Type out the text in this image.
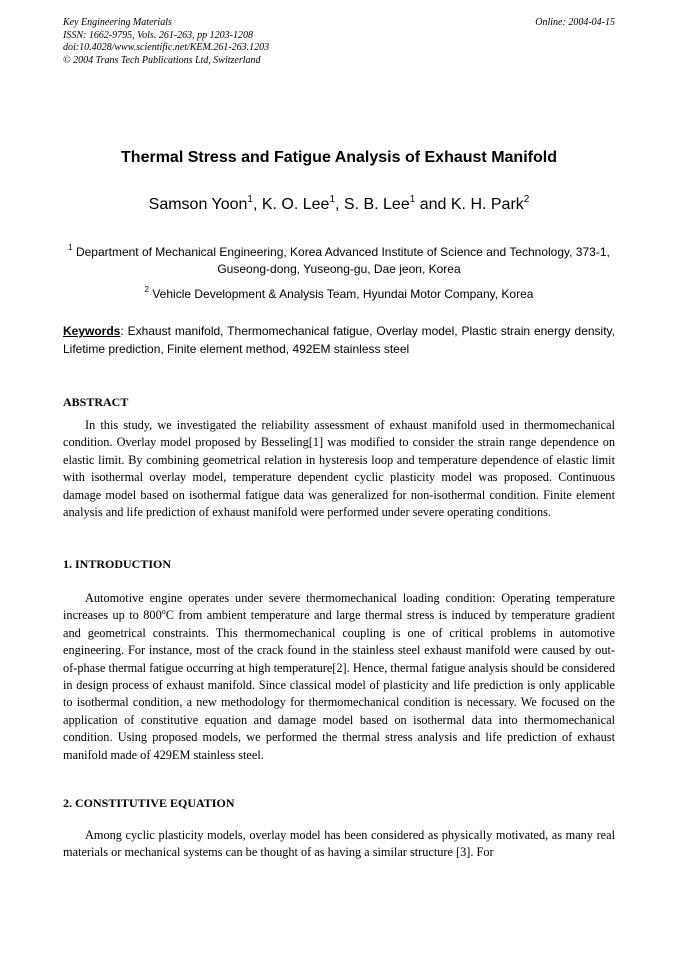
Key Engineering Materials
ISSN: 1662-9795, Vols. 261-263, pp 1203-1208
doi:10.4028/www.scientific.net/KEM.261-263.1203
© 2004 Trans Tech Publications Ltd, Switzerland
Online: 2004-04-15
Thermal Stress and Fatigue Analysis of Exhaust Manifold
Samson Yoon$^1$, K. O. Lee$^1$, S. B. Lee$^1$ and K. H. Park$^2$
$^1$ Department of Mechanical Engineering, Korea Advanced Institute of Science and Technology, 373-1, Guseong-dong, Yuseong-gu, Dae jeon, Korea
$^2$ Vehicle Development & Analysis Team, Hyundai Motor Company, Korea
Keywords: Exhaust manifold, Thermomechanical fatigue, Overlay model, Plastic strain energy density, Lifetime prediction, Finite element method, 492EM stainless steel
ABSTRACT
In this study, we investigated the reliability assessment of exhaust manifold used in thermomechanical condition. Overlay model proposed by Besseling[1] was modified to consider the strain range dependence on elastic limit. By combining geometrical relation in hysteresis loop and temperature dependence of elastic limit with isothermal overlay model, temperature dependent cyclic plasticity model was proposed. Continuous damage model based on isothermal fatigue data was generalized for non-isothermal condition. Finite element analysis and life prediction of exhaust manifold were performed under severe operating conditions.
1. INTRODUCTION
Automotive engine operates under severe thermomechanical loading condition: Operating temperature increases up to 800$^o$C from ambient temperature and large thermal stress is induced by temperature gradient and geometrical constraints. This thermomechanical coupling is one of critical problems in automotive engineering. For instance, most of the crack found in the stainless steel exhaust manifold were caused by out-of-phase thermal fatigue occurring at high temperature[2]. Hence, thermal fatigue analysis should be considered in design process of exhaust manifold. Since classical model of plasticity and life prediction is only applicable to isothermal condition, a new methodology for thermomechanical condition is necessary. We focused on the application of constitutive equation and damage model based on isothermal data into thermomechanical condition. Using proposed models, we performed the thermal stress analysis and life prediction of exhaust manifold made of 429EM stainless steel.
2. CONSTITUTIVE EQUATION
Among cyclic plasticity models, overlay model has been considered as physically motivated, as many real materials or mechanical systems can be thought of as having a similar structure [3]. For
